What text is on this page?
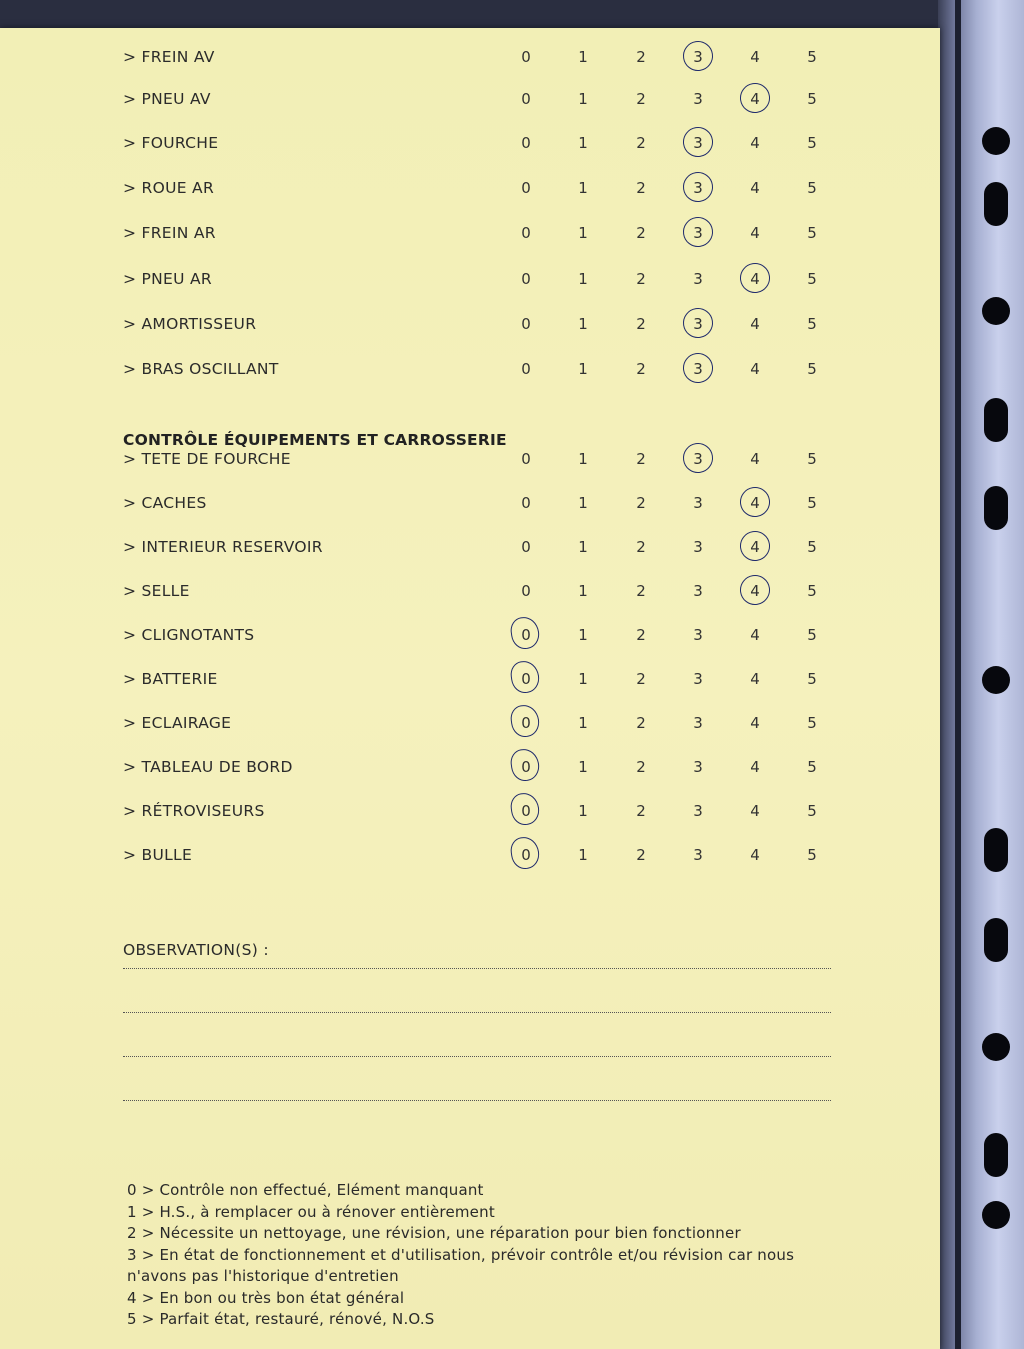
> FREIN AV	0	1	2	3	4	5
> PNEU AV	0	1	2	3	4	5
> FOURCHE	0	1	2	3	4	5
> ROUE AR	0	1	2	3	4	5
> FREIN AR	0	1	2	3	4	5
> PNEU AR	0	1	2	3	4	5
> AMORTISSEUR	0	1	2	3	4	5
> BRAS OSCILLANT	0	1	2	3	4	5
> TETE DE FOURCHE	0	1	2	3	4	5
> CACHES	0	1	2	3	4	5
> INTERIEUR RESERVOIR	0	1	2	3	4	5
> SELLE	0	1	2	3	4	5
> CLIGNOTANTS	0	1	2	3	4	5
> BATTERIE	0	1	2	3	4	5
> ECLAIRAGE	0	1	2	3	4	5
> TABLEAU DE BORD	0	1	2	3	4	5
> RÉTROVISEURS	0	1	2	3	4	5
> BULLE	0	1	2	3	4	5
CONTRÔLE ÉQUIPEMENTS ET CARROSSERIE
OBSERVATION(S) :
0 > Contrôle non effectué, Elément manquant
1 > H.S., à remplacer ou à rénover entièrement
2 > Nécessite un nettoyage, une révision, une réparation pour bien fonctionner
3 > En état de fonctionnement et d'utilisation, prévoir contrôle et/ou révision car nous
n'avons pas l'historique d'entretien
4 > En bon ou très bon état général
5 > Parfait état, restauré, rénové, N.O.S
